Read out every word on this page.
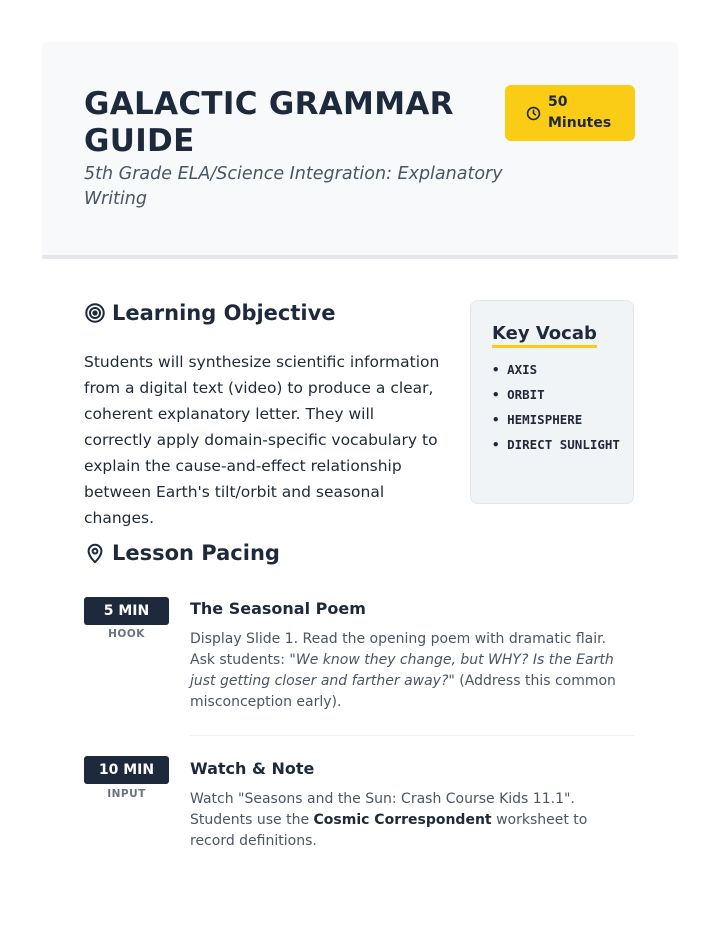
GALACTIC GRAMMAR GUIDE

5th Grade ELA/Science Integration: Explanatory Writing

50
Minutes
Learning Objective

Students will synthesize scientific information from a digital text (video) to produce a clear, coherent explanatory letter. They will correctly apply domain-specific vocabulary to explain the cause-and-effect relationship between Earth's tilt/orbit and seasonal changes.

Key Vocab
• AXIS
• ORBIT
• HEMISPHERE
• DIRECT SUNLIGHT
Lesson Pacing
5 MIN
HOOK
The Seasonal Poem

Display Slide 1. Read the opening poem with dramatic flair. Ask students: "We know they change, but WHY? Is the Earth just getting closer and farther away?" (Address this common misconception early).

10 MIN
INPUT
Watch & Note

Watch "Seasons and the Sun: Crash Course Kids 11.1". Students use the Cosmic Correspondent worksheet to record definitions.
